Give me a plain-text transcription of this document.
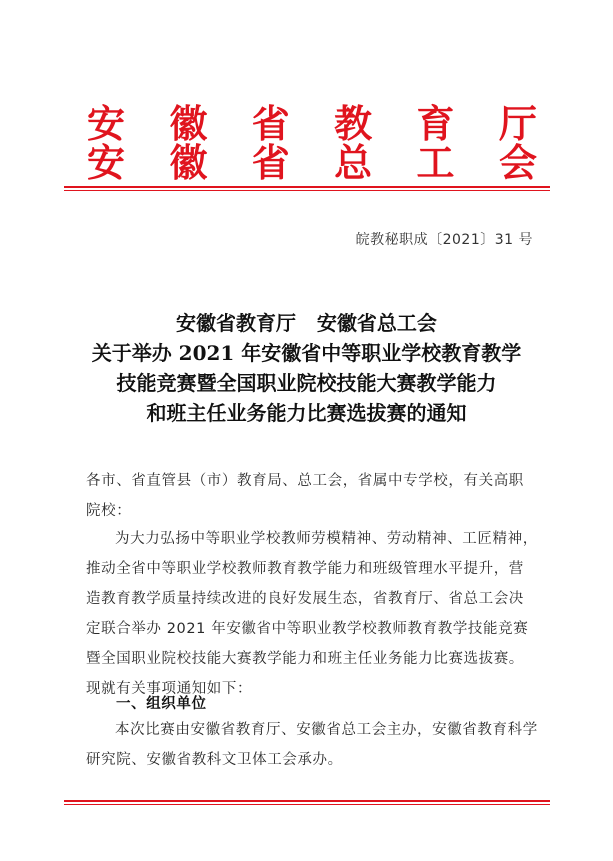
安 徽 省 教 育 厅
安 徽 省 总 工 会
皖教秘职成〔2021〕31 号
安徽省教育厅   安徽省总工会
关于举办 2021 年安徽省中等职业学校教育教学
技能竞赛暨全国职业院校技能大赛教学能力
和班主任业务能力比赛选拔赛的通知
各市、省直管县（市）教育局、总工会，省属中专学校，有关高职院校：
为大力弘扬中等职业学校教师劳模精神、劳动精神、工匠精神，推动全省中等职业学校教师教育教学能力和班级管理水平提升，营造教育教学质量持续改进的良好发展生态，省教育厅、省总工会决定联合举办 2021 年安徽省中等职业教学校教师教育教学技能竞赛暨全国职业院校技能大赛教学能力和班主任业务能力比赛选拔赛。现就有关事项通知如下：
一、组织单位
本次比赛由安徽省教育厅、安徽省总工会主办，安徽省教育科学研究院、安徽省教科文卫体工会承办。
